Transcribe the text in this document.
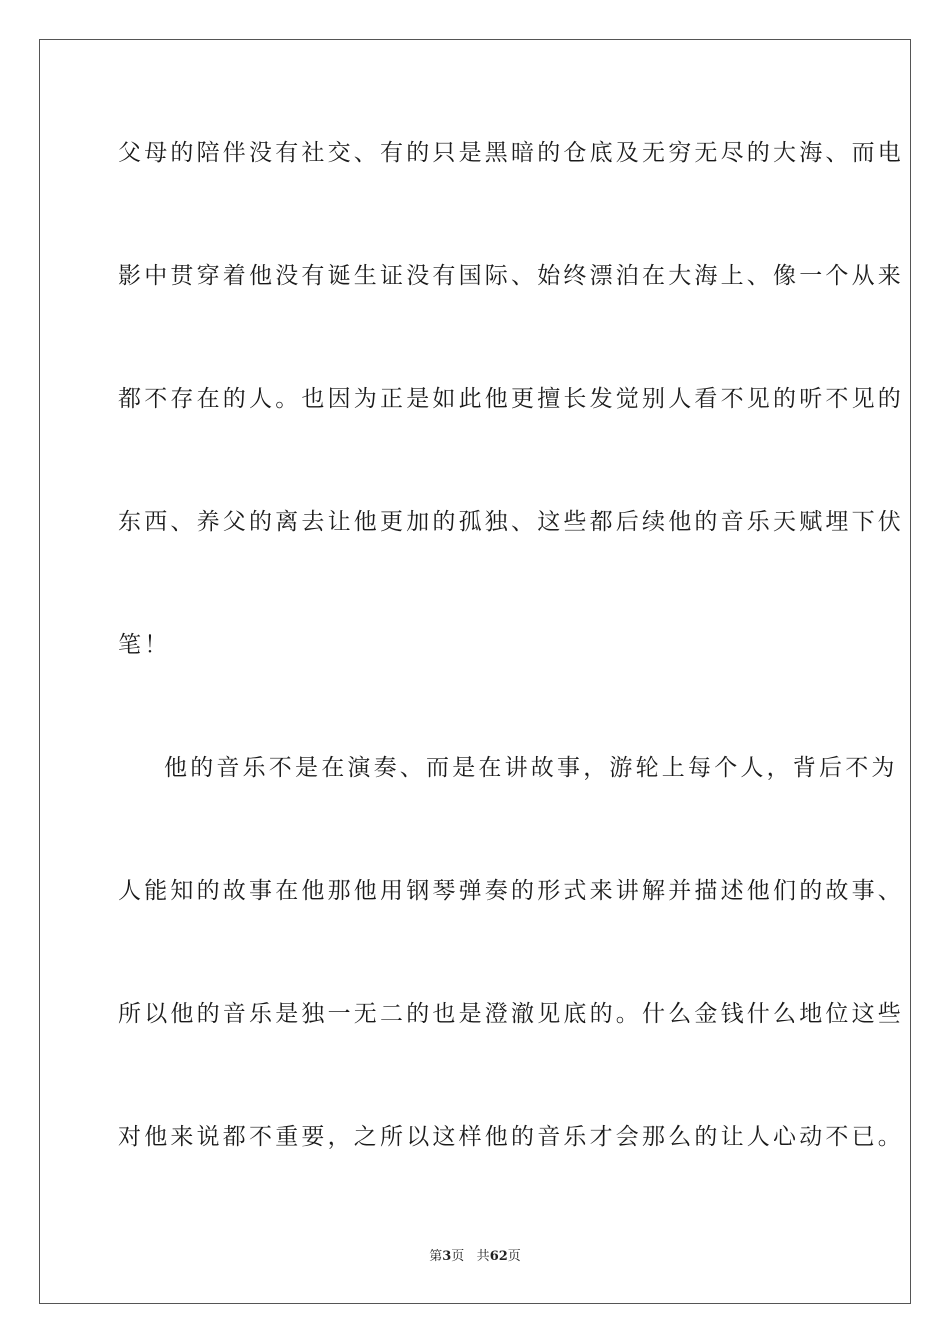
父母的陪伴没有社交、有的只是黑暗的仓底及无穷无尽的大海、而电
影中贯穿着他没有诞生证没有国际、始终漂泊在大海上、像一个从来
都不存在的人。也因为正是如此他更擅长发觉别人看不见的听不见的
东西、养父的离去让他更加的孤独、这些都后续他的音乐天赋埋下伏
笔！
他的音乐不是在演奏、而是在讲故事，游轮上每个人，背后不为
人能知的故事在他那他用钢琴弹奏的形式来讲解并描述他们的故事、
所以他的音乐是独一无二的也是澄澈见底的。什么金钱什么地位这些
对他来说都不重要，之所以这样他的音乐才会那么的让人心动不已。
第3页 共62页
